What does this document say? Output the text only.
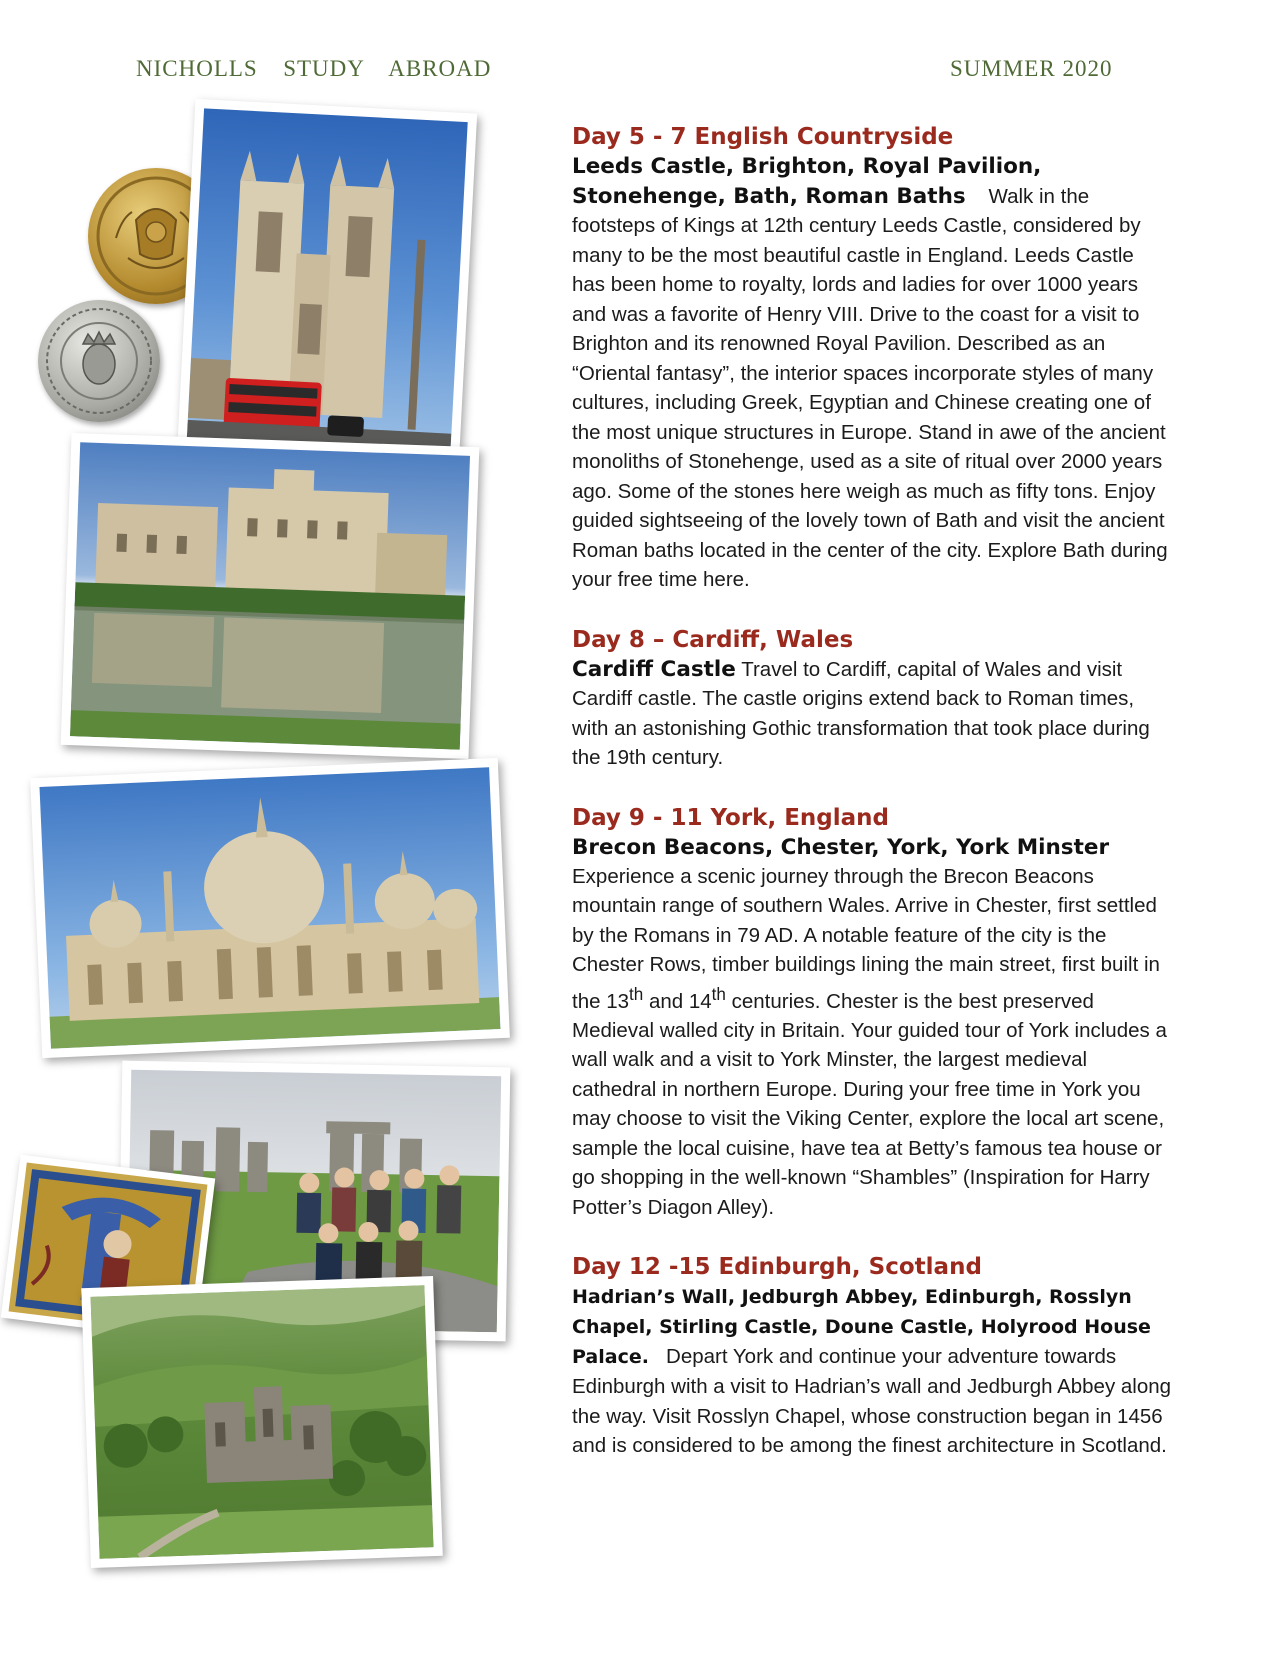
NICHOLLS  STUDY  ABROAD	SUMMER 2020
Day 5 - 7 English Countryside
Leeds Castle, Brighton, Royal Pavilion, Stonehenge, Bath, Roman Baths Walk in the footsteps of Kings at 12th century Leeds Castle, considered by many to be the most beautiful castle in England. Leeds Castle has been home to royalty, lords and ladies for over 1000 years and was a favorite of Henry VIII. Drive to the coast for a visit to Brighton and its renowned Royal Pavilion. Described as an “Oriental fantasy”, the interior spaces incorporate styles of many cultures, including Greek, Egyptian and Chinese creating one of the most unique structures in Europe. Stand in awe of the ancient monoliths of Stonehenge, used as a site of ritual over 2000 years ago. Some of the stones here weigh as much as fifty tons. Enjoy guided sightseeing of the lovely town of Bath and visit the ancient Roman baths located in the center of the city. Explore Bath during your free time here.
Day 8 – Cardiff, Wales
Cardiff Castle Travel to Cardiff, capital of Wales and visit Cardiff castle. The castle origins extend back to Roman times, with an astonishing Gothic transformation that took place during the 19th century.
Day 9 - 11 York, England
Brecon Beacons, Chester, York, York Minster
Experience a scenic journey through the Brecon Beacons mountain range of southern Wales. Arrive in Chester, first settled by the Romans in 79 AD. A notable feature of the city is the Chester Rows, timber buildings lining the main street, first built in the 13th and 14th centuries. Chester is the best preserved Medieval walled city in Britain. Your guided tour of York includes a wall walk and a visit to York Minster, the largest medieval cathedral in northern Europe. During your free time in York you may choose to visit the Viking Center, explore the local art scene, sample the local cuisine, have tea at Betty’s famous tea house or go shopping in the well-known “Shambles” (Inspiration for Harry Potter’s Diagon Alley).
Day 12 -15 Edinburgh, Scotland
Hadrian’s Wall, Jedburgh Abbey, Edinburgh, Rosslyn Chapel, Stirling Castle, Doune Castle, Holyrood House Palace. Depart York and continue your adventure towards Edinburgh with a visit to Hadrian’s wall and Jedburgh Abbey along the way. Visit Rosslyn Chapel, whose construction began in 1456 and is considered to be among the finest architecture in Scotland.
